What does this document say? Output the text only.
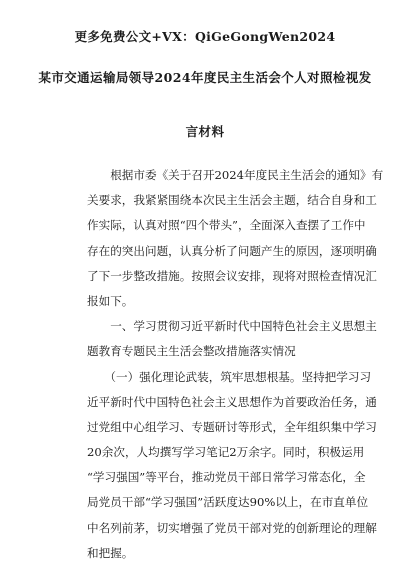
更多免费公文+VX：QiGeGongWen2024
某市交通运输局领导2024年度民主生活会个人对照检视发
言材料
　　根据市委《关于召开2024年度民主生活会的通知》有
关要求，我紧紧围绕本次民主生活会主题，结合自身和工
作实际，认真对照“四个带头”，全面深入查摆了工作中
存在的突出问题，认真分析了问题产生的原因，逐项明确
了下一步整改措施。按照会议安排，现将对照检查情况汇
报如下。
　　一、学习贯彻习近平新时代中国特色社会主义思想主
题教育专题民主生活会整改措施落实情况
　　（一）强化理论武装，筑牢思想根基。坚持把学习习
近平新时代中国特色社会主义思想作为首要政治任务，通
过党组中心组学习、专题研讨等形式，全年组织集中学习
20余次，人均撰写学习笔记2万余字。同时，积极运用
“学习强国”等平台，推动党员干部日常学习常态化，全
局党员干部“学习强国”活跃度达90%以上，在市直单位
中名列前茅，切实增强了党员干部对党的创新理论的理解
和把握。
